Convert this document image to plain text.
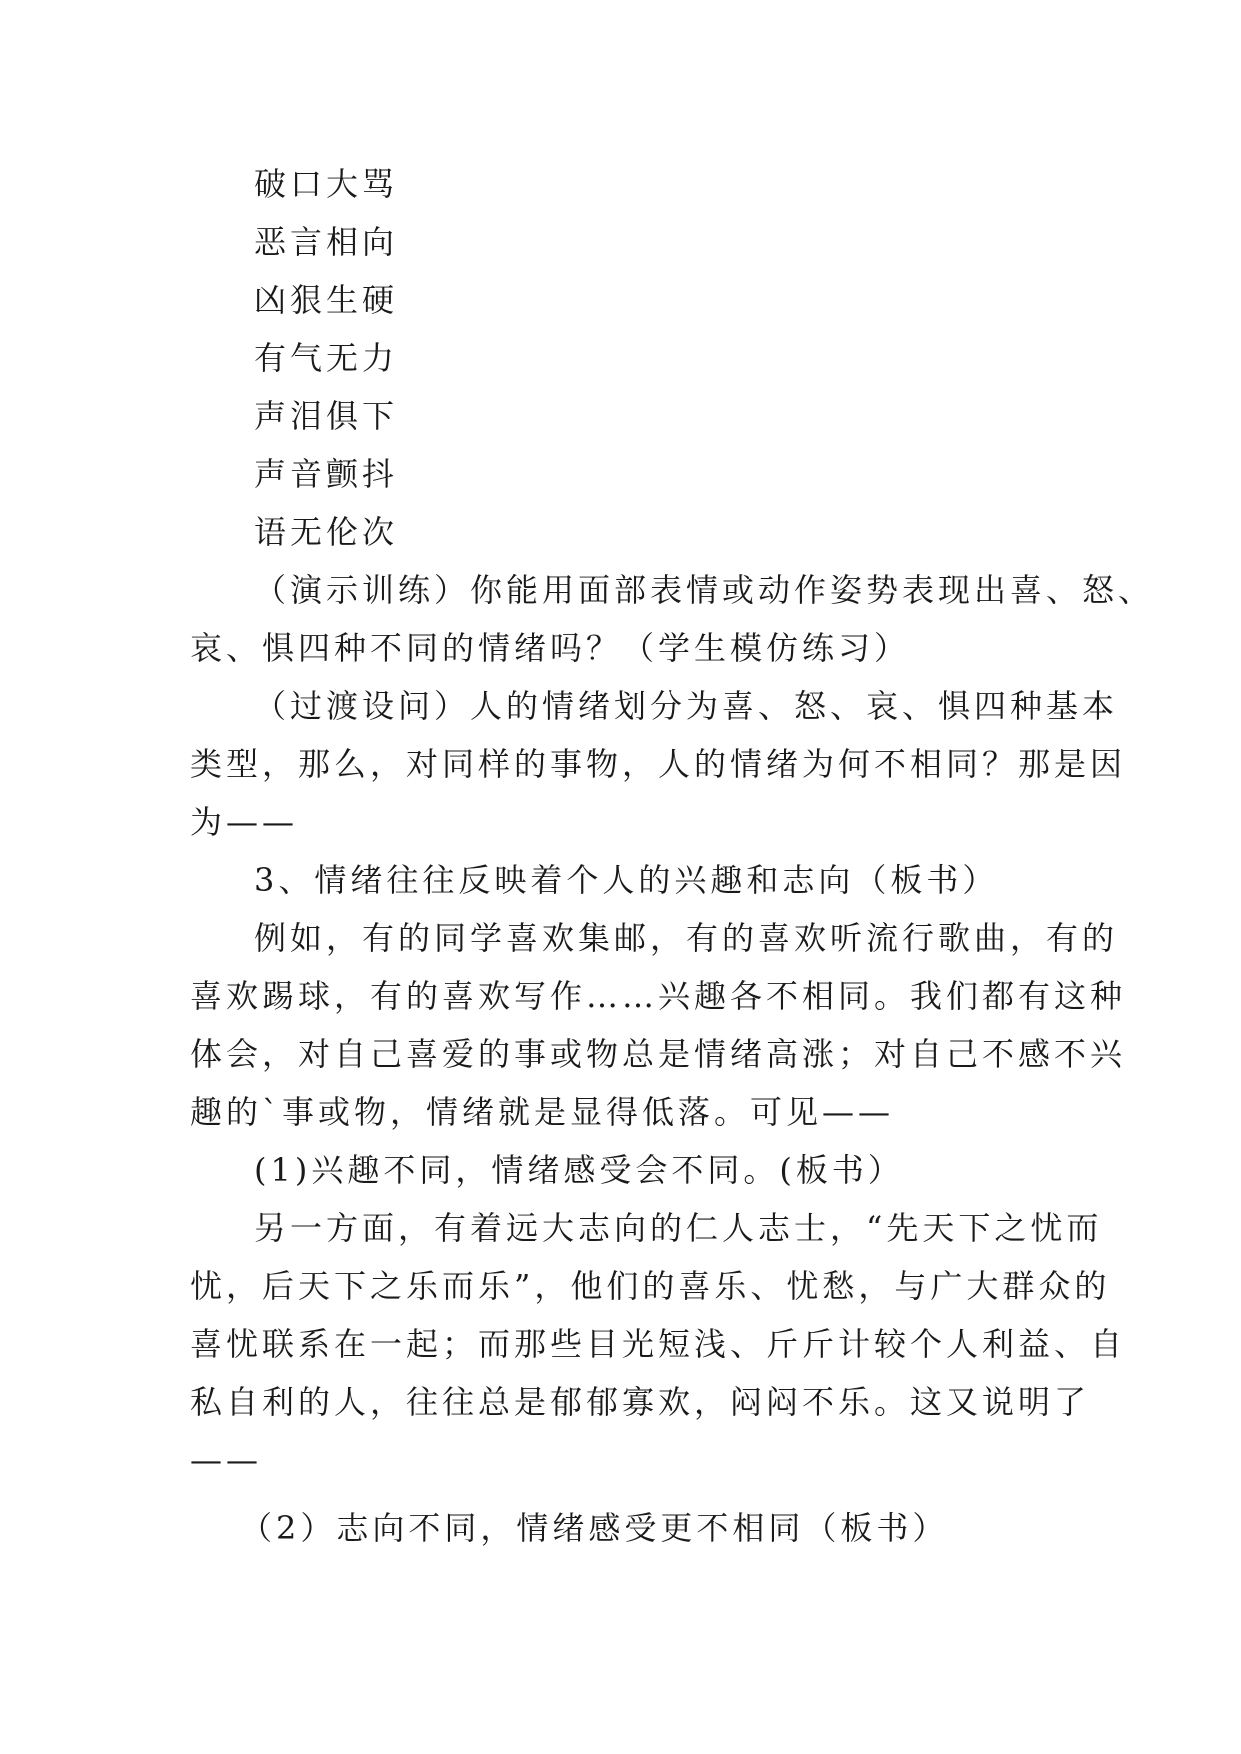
破口大骂
恶言相向
凶狠生硬
有气无力
声泪俱下
声音颤抖
语无伦次
（演示训练）你能用面部表情或动作姿势表现出喜、怒、
哀、惧四种不同的情绪吗？（学生模仿练习）
（过渡设问）人的情绪划分为喜、怒、哀、惧四种基本
类型，那么，对同样的事物，人的情绪为何不相同？那是因
为——
3、情绪往往反映着个人的兴趣和志向（板书）
例如，有的同学喜欢集邮，有的喜欢听流行歌曲，有的
喜欢踢球，有的喜欢写作……兴趣各不相同。我们都有这种
体会，对自己喜爱的事或物总是情绪高涨；对自己不感不兴
趣的`事或物，情绪就是显得低落。可见——
(1)兴趣不同，情绪感受会不同。(板书）
另一方面，有着远大志向的仁人志士，“先天下之忧而
忧，后天下之乐而乐”，他们的喜乐、忧愁，与广大群众的
喜忧联系在一起；而那些目光短浅、斤斤计较个人利益、自
私自利的人，往往总是郁郁寡欢，闷闷不乐。这又说明了
——
（2）志向不同，情绪感受更不相同（板书）
